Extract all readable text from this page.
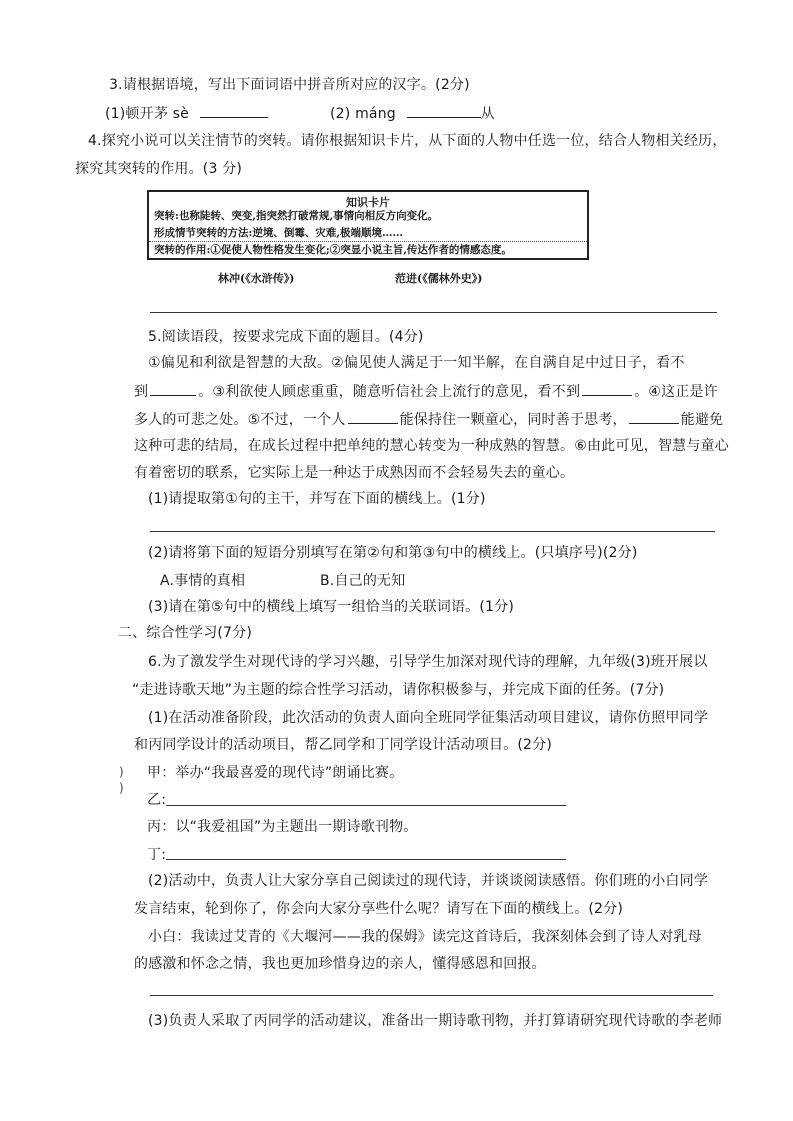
3.请根据语境，写出下面词语中拼音所对应的汉字。(2分)
(1)顿开茅 sè	(2) máng	从
4.探究小说可以关注情节的突转。请你根据知识卡片，从下面的人物中任选一位，结合人物相关经历，
探究其突转的作用。(3 分)
知识卡片
突转:也称陡转、突变,指突然打破常规,事情向相反方向变化。
形成情节突转的方法:逆境、倒霉、灾难,极端顺境……
突转的作用:①促使人物性格发生变化;②突显小说主旨,传达作者的情感态度。
林冲(《水浒传》)	范进(《儒林外史》)
5.阅读语段，按要求完成下面的题目。(4分)
①偏见和利欲是智慧的大敌。②偏见使人满足于一知半解，在自满自足中过日子，看不
到	。③利欲使人顾虑重重，随意听信社会上流行的意见，看不到	。④这正是许
多人的可悲之处。⑤不过，一个人	能保持住一颗童心，同时善于思考，	能避免
这种可悲的结局，在成长过程中把单纯的慧心转变为一种成熟的智慧。⑥由此可见，智慧与童心
有着密切的联系，它实际上是一种达于成熟因而不会轻易失去的童心。
(1)请提取第①句的主干，并写在下面的横线上。(1分)
(2)请将第下面的短语分别填写在第②句和第③句中的横线上。(只填序号)(2分)
A.事情的真相	B.自己的无知
(3)请在第⑤句中的横线上填写一组恰当的关联词语。(1分)
二、综合性学习(7分)
6.为了激发学生对现代诗的学习兴趣，引导学生加深对现代诗的理解，九年级(3)班开展以
“走进诗歌天地”为主题的综合性学习活动，请你积极参与，并完成下面的任务。(7分)
(1)在活动准备阶段，此次活动的负责人面向全班同学征集活动项目建议，请你仿照甲同学
和丙同学设计的活动项目，帮乙同学和丁同学设计活动项目。(2分)
)
)
甲：举办“我最喜爱的现代诗”朗诵比赛。
乙:
丙：以“我爱祖国”为主题出一期诗歌刊物。
丁:
(2)活动中，负责人让大家分享自己阅读过的现代诗，并谈谈阅读感悟。你们班的小白同学
发言结束，轮到你了，你会向大家分享些什么呢？请写在下面的横线上。(2分)
小白：我读过艾青的《大堰河——我的保姆》读完这首诗后，我深刻体会到了诗人对乳母
的感激和怀念之情，我也更加珍惜身边的亲人，懂得感恩和回报。
(3)负责人采取了丙同学的活动建议，准备出一期诗歌刊物，并打算请研究现代诗歌的李老师
